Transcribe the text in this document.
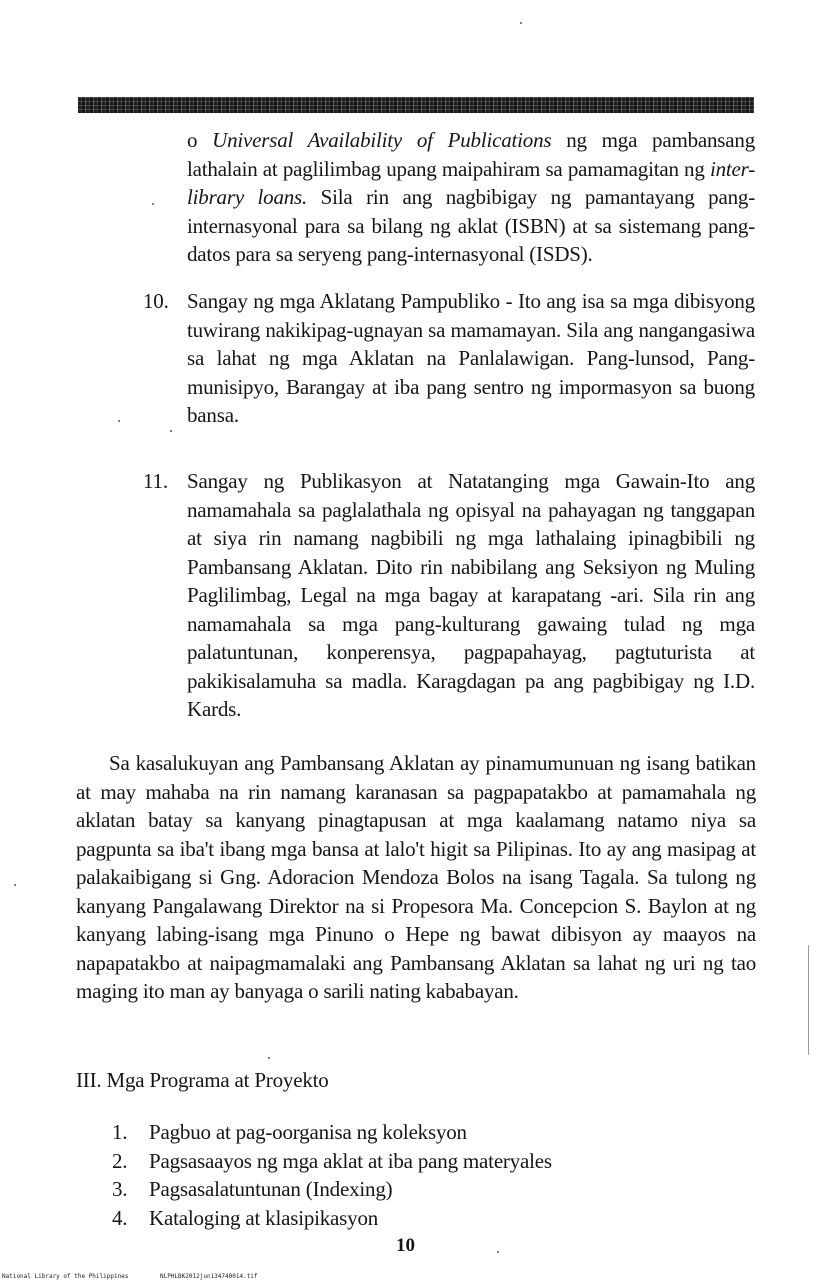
o Universal Availability of Publications ng mga pambansang lathalain at paglilimbag upang maipahiram sa pamamagitan ng inter-library loans. Sila rin ang nagbibigay ng pamantayang pang-internasyonal para sa bilang ng aklat (ISBN) at sa sistemang pang-datos para sa seryeng pang-internasyonal (ISDS).
10. Sangay ng mga Aklatang Pampubliko - Ito ang isa sa mga dibisyong tuwirang nakikipag-ugnayan sa mamamayan. Sila ang nangangasiwa sa lahat ng mga Aklatan na Panlalawigan. Pang-lunsod, Pang-munisipyo, Barangay at iba pang sentro ng impormasyon sa buong bansa.
11. Sangay ng Publikasyon at Natatanging mga Gawain-Ito ang namamahala sa paglalathala ng opisyal na pahayagan ng tanggapan at siya rin namang nagbibili ng mga lathalaing ipinagbibili ng Pambansang Aklatan. Dito rin nabibilang ang Seksiyon ng Muling Paglilimbag, Legal na mga bagay at karapatang -ari. Sila rin ang namamahala sa mga pang-kulturang gawaing tulad ng mga palatuntunan, konperensya, pagpapahayag, pagtuturista at pakikisalamuha sa madla. Karagdagan pa ang pagbibigay ng I.D. Kards.
Sa kasalukuyan ang Pambansang Aklatan ay pinamumunuan ng isang batikan at may mahaba na rin namang karanasan sa pagpapatakbo at pamamahala ng aklatan batay sa kanyang pinagtapusan at mga kaalamang natamo niya sa pagpunta sa iba't ibang mga bansa at lalo't higit sa Pilipinas. Ito ay ang masipag at palakaibigang si Gng. Adoracion Mendoza Bolos na isang Tagala. Sa tulong ng kanyang Pangalawang Direktor na si Propesora Ma. Concepcion S. Baylon at ng kanyang labing-isang mga Pinuno o Hepe ng bawat dibisyon ay maayos na napapatakbo at naipagmamalaki ang Pambansang Aklatan sa lahat ng uri ng tao maging ito man ay banyaga o sarili nating kababayan.
III. Mga Programa at Proyekto
1.	Pagbuo at pag-oorganisa ng koleksyon
2.	Pagsasaayos ng mga aklat at iba pang materyales
3.	Pagsasalatuntunan (Indexing)
4.	Kataloging at klasipikasyon
10
National Library of the Philippines	NLPHLBK2012jun134740014.tif
